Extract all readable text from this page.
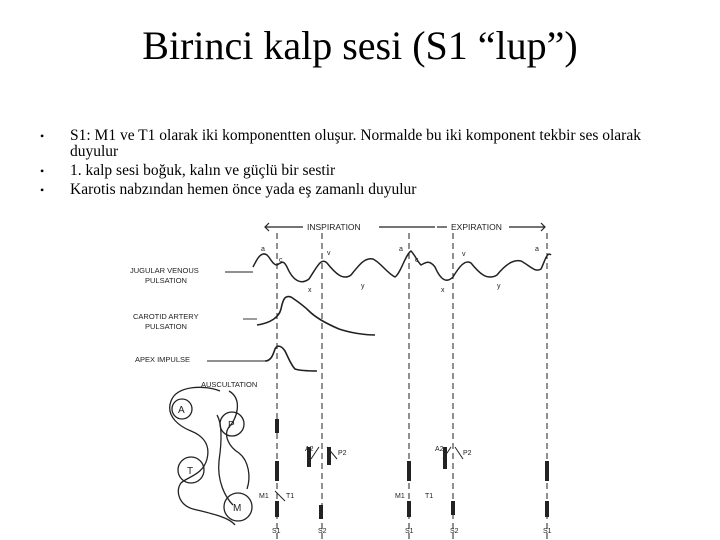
Birinci kalp sesi (S1 “lup”)
• S1: M1 ve T1 olarak iki komponentten oluşur. Normalde bu iki komponent tekbir ses olarak duyulur
• 1. kalp sesi boğuk, kalın ve güçlü bir sestir
• Karotis nabzından hemen önce yada eş zamanlı duyulur
INSPIRATION	EXPIRATION
JUGULAR VENOUS
PULSATION
CAROTID ARTERY
PULSATION
APEX IMPULSE
AUSCULTATION
a
c
v
x
y
a
c
v
x
y
a
A
P
T
M
A2
P2
A2
P2
M1 T1	M1	T1
S1	S2	S1	S2	S1
